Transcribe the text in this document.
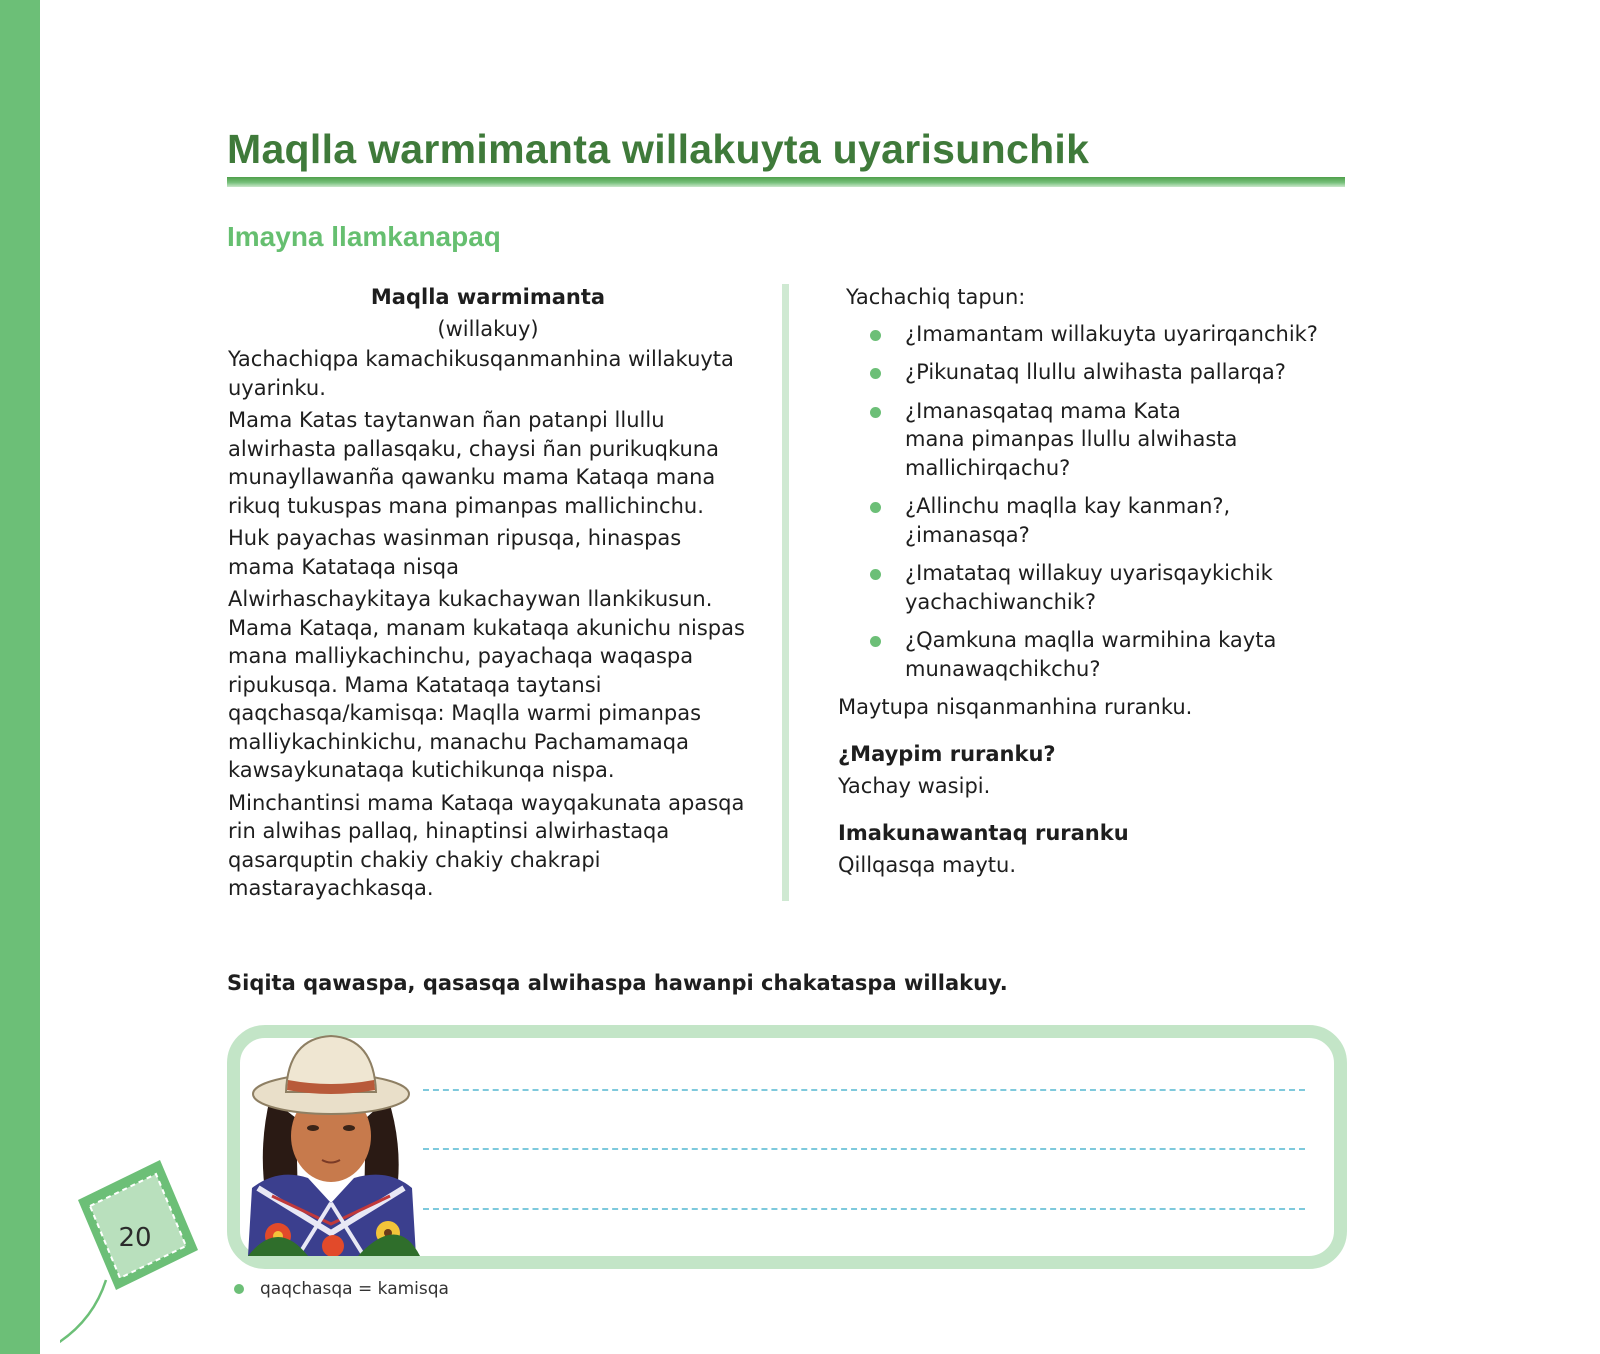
Maqlla warmimanta willakuyta uyarisunchik
Imayna llamkanapaq

Maqlla warmimanta

(willakuy)

Yachachiqpa kamachikusqanmanhina willakuyta uyarinku.

Mama Katas taytanwan ñan patanpi llullu alwirhasta pallasqaku, chaysi ñan purikuqkuna munayllawanña qawanku mama Kataqa mana rikuq tukuspas mana pimanpas mallichinchu.

Huk payachas wasinman ripusqa, hinaspas mama Katataqa nisqa

Alwirhaschaykitaya kukachaywan llankikusun. Mama Kataqa, manam kukataqa akunichu nispas mana malliykachinchu, payachaqa waqaspa ripukusqa. Mama Katataqa taytansi qaqchasqa/kamisqa: Maqlla warmi pimanpas malliykachinkichu, manachu Pachamamaqa kawsaykunataqa kutichikunqa nispa.

Minchantinsi mama Kataqa wayqakunata apasqa rin alwihas pallaq, hinaptinsi alwirhastaqa qasarquptin chakiy chakiy chakrapi mastarayachkasqa.

Yachachiq tapun:

¿Imamantam willakuyta uyarirqanchik?
¿Pikunataq llullu alwihasta pallarqa?
¿Imanasqataq mama Kata mana pimanpas llullu alwihasta mallichirqachu?
¿Allinchu maqlla kay kanman?, ¿imanasqa?
¿Imatataq willakuy uyarisqaykichik yachachiwanchik?
¿Qamkuna maqlla warmihina kayta munawaqchikchu?

Maytupa nisqanmanhina ruranku.

¿Maypim ruranku?

Yachay wasipi.

Imakunawantaq ruranku

Qillqasqa maytu.

Siqita qawaspa, qasasqa alwihaspa hawanpi chakataspa willakuy.

qaqchasqa = kamisqa
20
